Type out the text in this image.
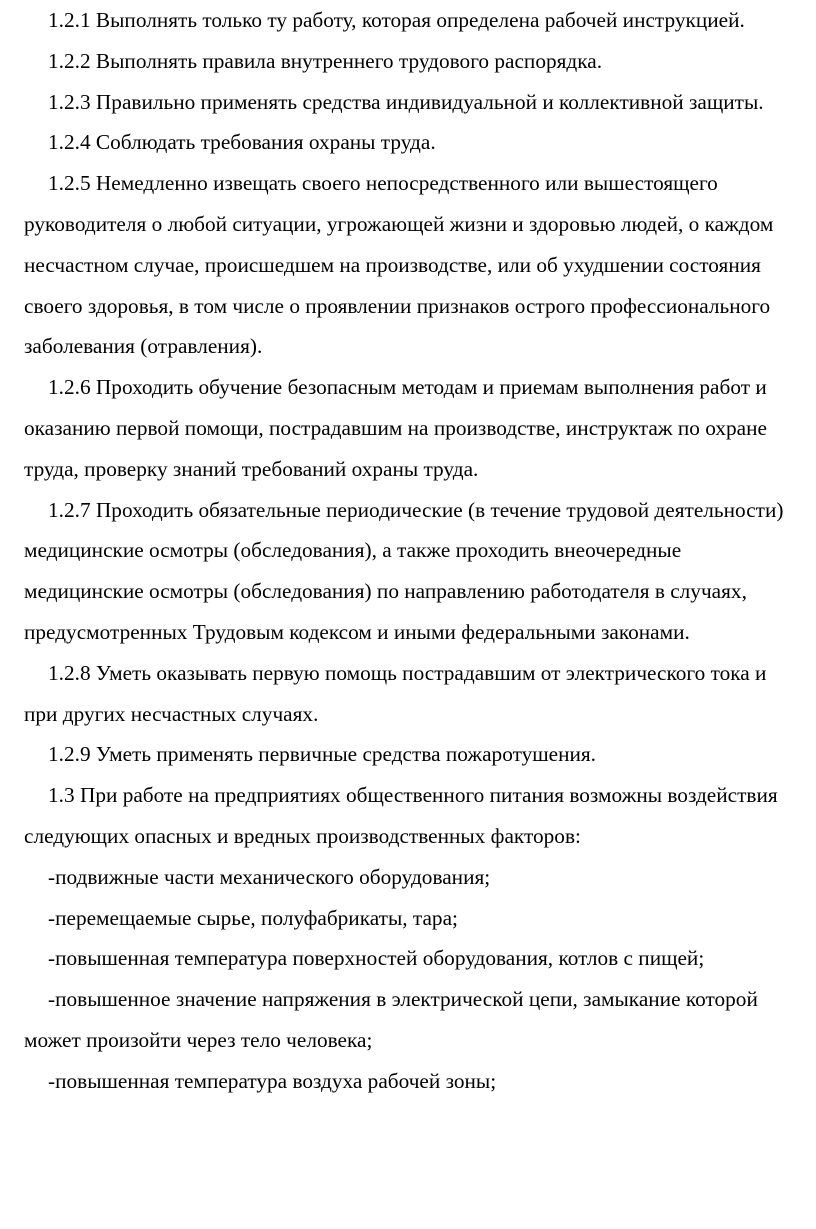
1.2.1 Выполнять только ту работу, которая определена рабочей инструкцией.

1.2.2 Выполнять правила внутреннего трудового распорядка.

1.2.3 Правильно применять средства индивидуальной и коллективной защиты.

1.2.4 Соблюдать требования охраны труда.

1.2.5 Немедленно извещать своего непосредственного или вышестоящего руководителя о любой ситуации, угрожающей жизни и здоровью людей, о каждом несчастном случае, происшедшем на производстве, или об ухудшении состояния своего здоровья, в том числе о проявлении признаков острого профессионального заболевания (отравления).

1.2.6 Проходить обучение безопасным методам и приемам выполнения работ и оказанию первой помощи, пострадавшим на производстве, инструктаж по охране труда, проверку знаний требований охраны труда.

1.2.7 Проходить обязательные периодические (в течение трудовой деятельности) медицинские осмотры (обследования), а также проходить внеочередные медицинские осмотры (обследования) по направлению работодателя в случаях, предусмотренных Трудовым кодексом и иными федеральными законами.

1.2.8 Уметь оказывать первую помощь пострадавшим от электрического тока и при других несчастных случаях.

1.2.9 Уметь применять первичные средства пожаротушения.

1.3 При работе на предприятиях общественного питания возможны воздействия следующих опасных и вредных производственных факторов:

-подвижные части механического оборудования;

-перемещаемые сырье, полуфабрикаты, тара;

-повышенная температура поверхностей оборудования, котлов с пищей;

-повышенное значение напряжения в электрической цепи, замыкание которой может произойти через тело человека;

-повышенная температура воздуха рабочей зоны;
